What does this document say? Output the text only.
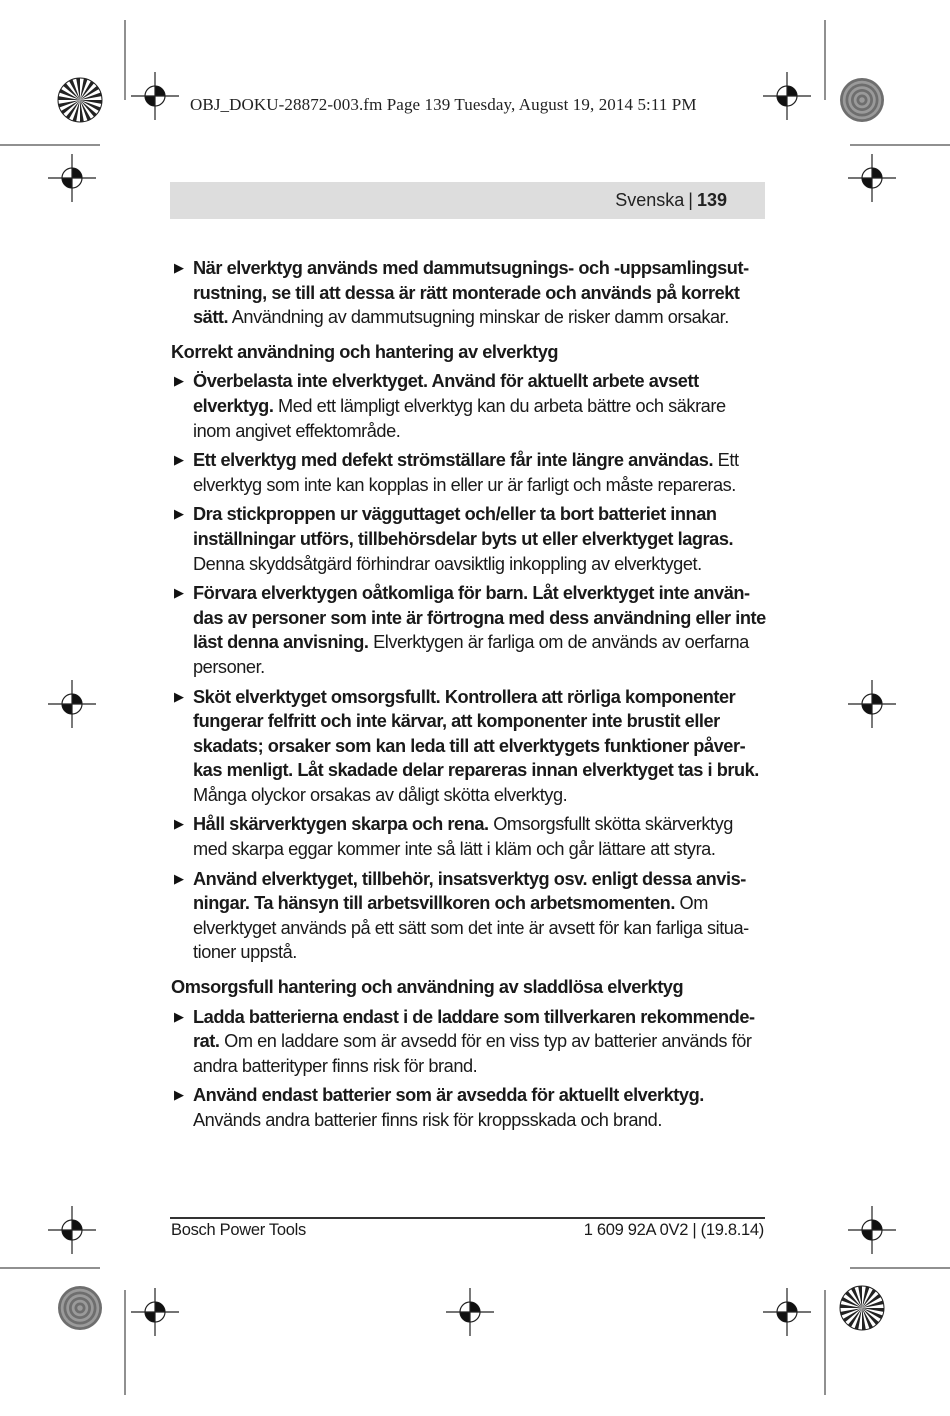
OBJ_DOKU-28872-003.fm Page 139 Tuesday, August 19, 2014 5:11 PM
Svenska | 139
▶ När elverktyg används med dammutsugnings- och -uppsamlingsutrustning, se till att dessa är rätt monterade och används på korrekt sätt. Användning av dammutsugning minskar de risker damm orsakar.
Korrekt användning och hantering av elverktyg
▶ Överbelasta inte elverktyget. Använd för aktuellt arbete avsett elverktyg. Med ett lämpligt elverktyg kan du arbeta bättre och säkrare inom angivet effektområde.
▶ Ett elverktyg med defekt strömställare får inte längre användas. Ett elverktyg som inte kan kopplas in eller ur är farligt och måste repareras.
▶ Dra stickproppen ur vägguttaget och/eller ta bort batteriet innan inställningar utförs, tillbehörsdelar byts ut eller elverktyget lagras. Denna skyddsåtgärd förhindrar oavsiktlig inkoppling av elverktyget.
▶ Förvara elverktygen oåtkomliga för barn. Låt elverktyget inte användas av personer som inte är förtrogna med dess användning eller inte läst denna anvisning. Elverktygen är farliga om de används av oerfarna personer.
▶ Sköt elverktyget omsorgsfullt. Kontrollera att rörliga komponenter fungerar felfritt och inte kärvar, att komponenter inte brustit eller skadats; orsaker som kan leda till att elverktygets funktioner påverkas menligt. Låt skadade delar repareras innan elverktyget tas i bruk. Många olyckor orsakas av dåligt skötta elverktyg.
▶ Håll skärverktygen skarpa och rena. Omsorgsfullt skötta skärverktyg med skarpa eggar kommer inte så lätt i kläm och går lättare att styra.
▶ Använd elverktyget, tillbehör, insatsverktyg osv. enligt dessa anvisningar. Ta hänsyn till arbetsvillkoren och arbetsmomenten. Om elverktyget används på ett sätt som det inte är avsett för kan farliga situationer uppstå.
Omsorgsfull hantering och användning av sladdlösa elverktyg
▶ Ladda batterierna endast i de laddare som tillverkaren rekommenderat. Om en laddare som är avsedd för en viss typ av batterier används för andra batterityper finns risk för brand.
▶ Använd endast batterier som är avsedda för aktuellt elverktyg. Används andra batterier finns risk för kroppsskada och brand.
Bosch Power Tools	1 609 92A 0V2 | (19.8.14)
